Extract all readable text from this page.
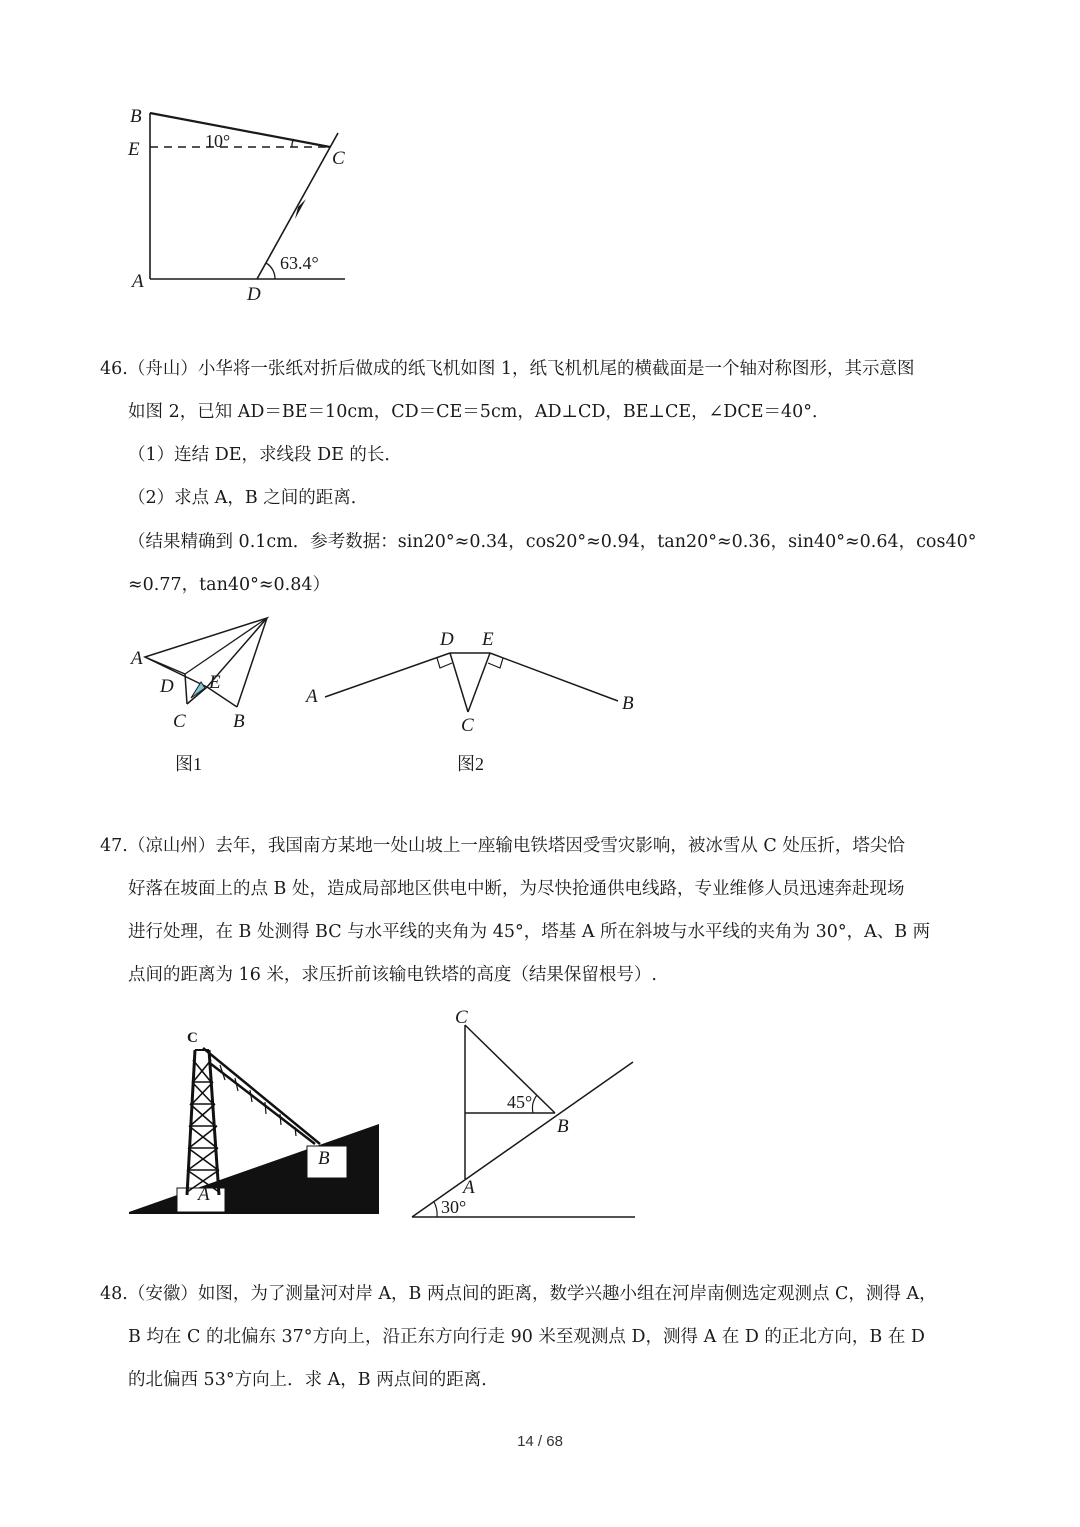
B
E	C
A
D
10°
63.4°

46.（舟山）小华将一张纸对折后做成的纸飞机如图 1，纸飞机机尾的横截面是一个轴对称图形，其示意图

如图 2，已知 AD＝BE＝10cm，CD＝CE＝5cm，AD⊥CD，BE⊥CE，∠DCE＝40°．

（1）连结 DE，求线段 DE 的长．

（2）求点 A，B 之间的距离．

（结果精确到 0.1cm．参考数据：sin20°≈0.34，cos20°≈0.94，tan20°≈0.36，sin40°≈0.64，cos40°

≈0.77，tan40°≈0.84）

A
D E
C B
图1
A
D E
C
B
图2

47.（凉山州）去年，我国南方某地一处山坡上一座输电铁塔因受雪灾影响，被冰雪从 C 处压折，塔尖恰

好落在坡面上的点 B 处，造成局部地区供电中断，为尽快抢通供电线路，专业维修人员迅速奔赴现场

进行处理，在 B 处测得 BC 与水平线的夹角为 45°，塔基 A 所在斜坡与水平线的夹角为 30°，A、B 两

点间的距离为 16 米，求压折前该输电铁塔的高度（结果保留根号）.

C
B
A
C
B
A
45°
30°

48.（安徽）如图，为了测量河对岸 A，B 两点间的距离，数学兴趣小组在河岸南侧选定观测点 C，测得 A，

B 均在 C 的北偏东 37°方向上，沿正东方向行走 90 米至观测点 D，测得 A 在 D 的正北方向，B 在 D

的北偏西 53°方向上．求 A，B 两点间的距离．

14 / 68
